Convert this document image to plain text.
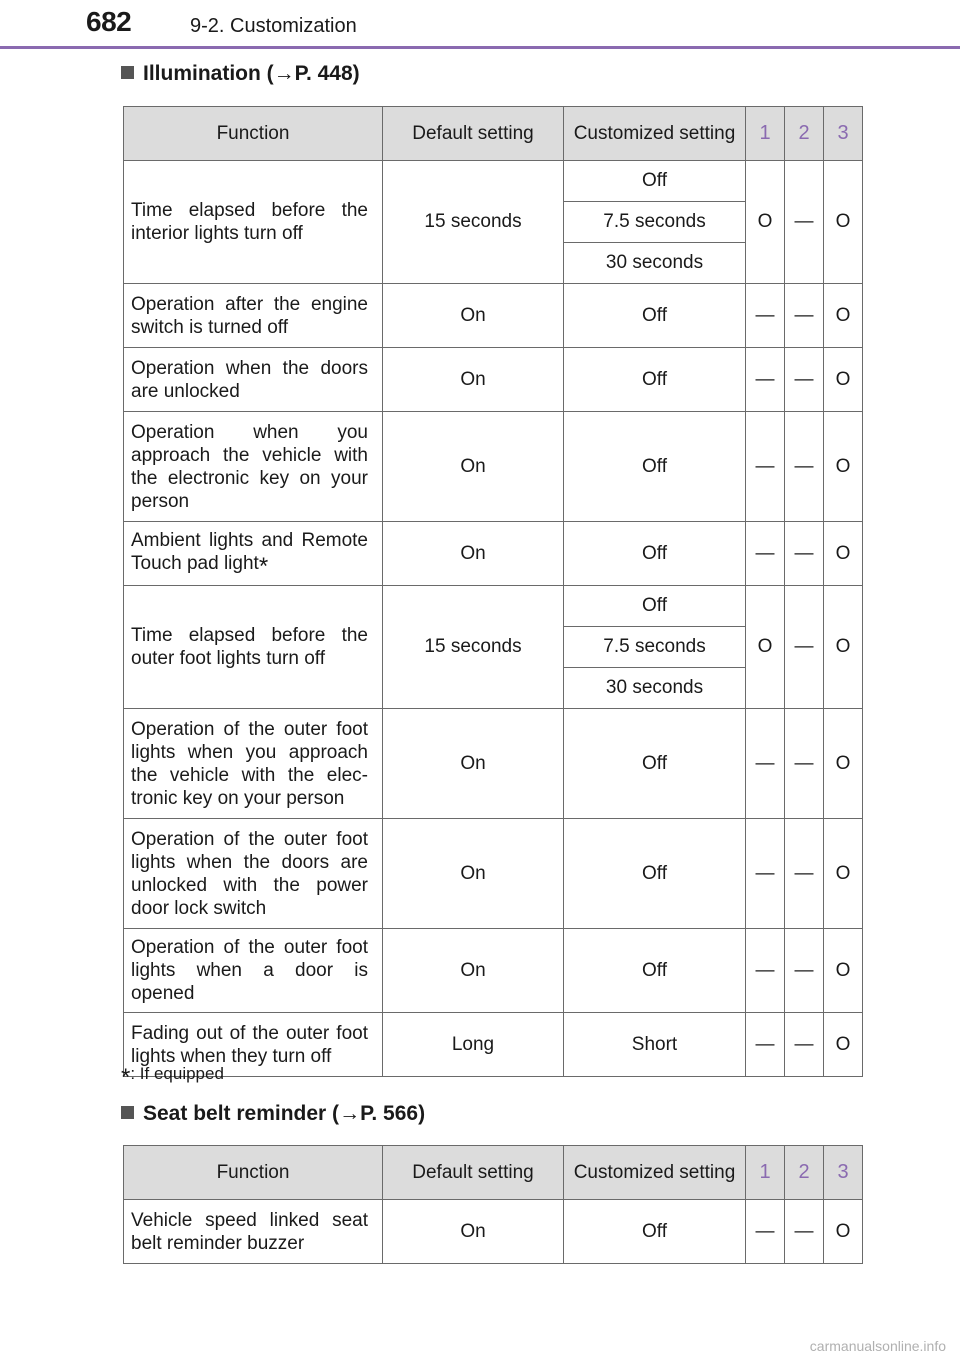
682	9-2. Customization
Illumination (→P. 448)
Function	Default setting	Customized setting	1	2	3
Time elapsed before the interior lights turn off	15 seconds	Off	O	—	O
		7.5 seconds			
		30 seconds			
Operation after the engine switch is turned off	On	Off	—	—	O
Operation when the doors are unlocked	On	Off	—	—	O
Operation when you approach the vehicle with the electronic key on your person	On	Off	—	—	O
Ambient lights and Remote Touch pad light*	On	Off	—	—	O
Time elapsed before the outer foot lights turn off	15 seconds	Off	O	—	O
		7.5 seconds			
		30 seconds			
Operation of the outer foot lights when you approach the vehicle with the elec-tronic key on your person	On	Off	—	—	O
Operation of the outer foot lights when the doors are unlocked with the power door lock switch	On	Off	—	—	O
Operation of the outer foot lights when a door is opened	On	Off	—	—	O
Fading out of the outer foot lights when they turn off	Long	Short	—	—	O
*: If equipped
Seat belt reminder (→P. 566)
Function	Default setting	Customized setting	1	2	3
Vehicle speed linked seat belt reminder buzzer	On	Off	—	—	O
carmanualsonline.info
